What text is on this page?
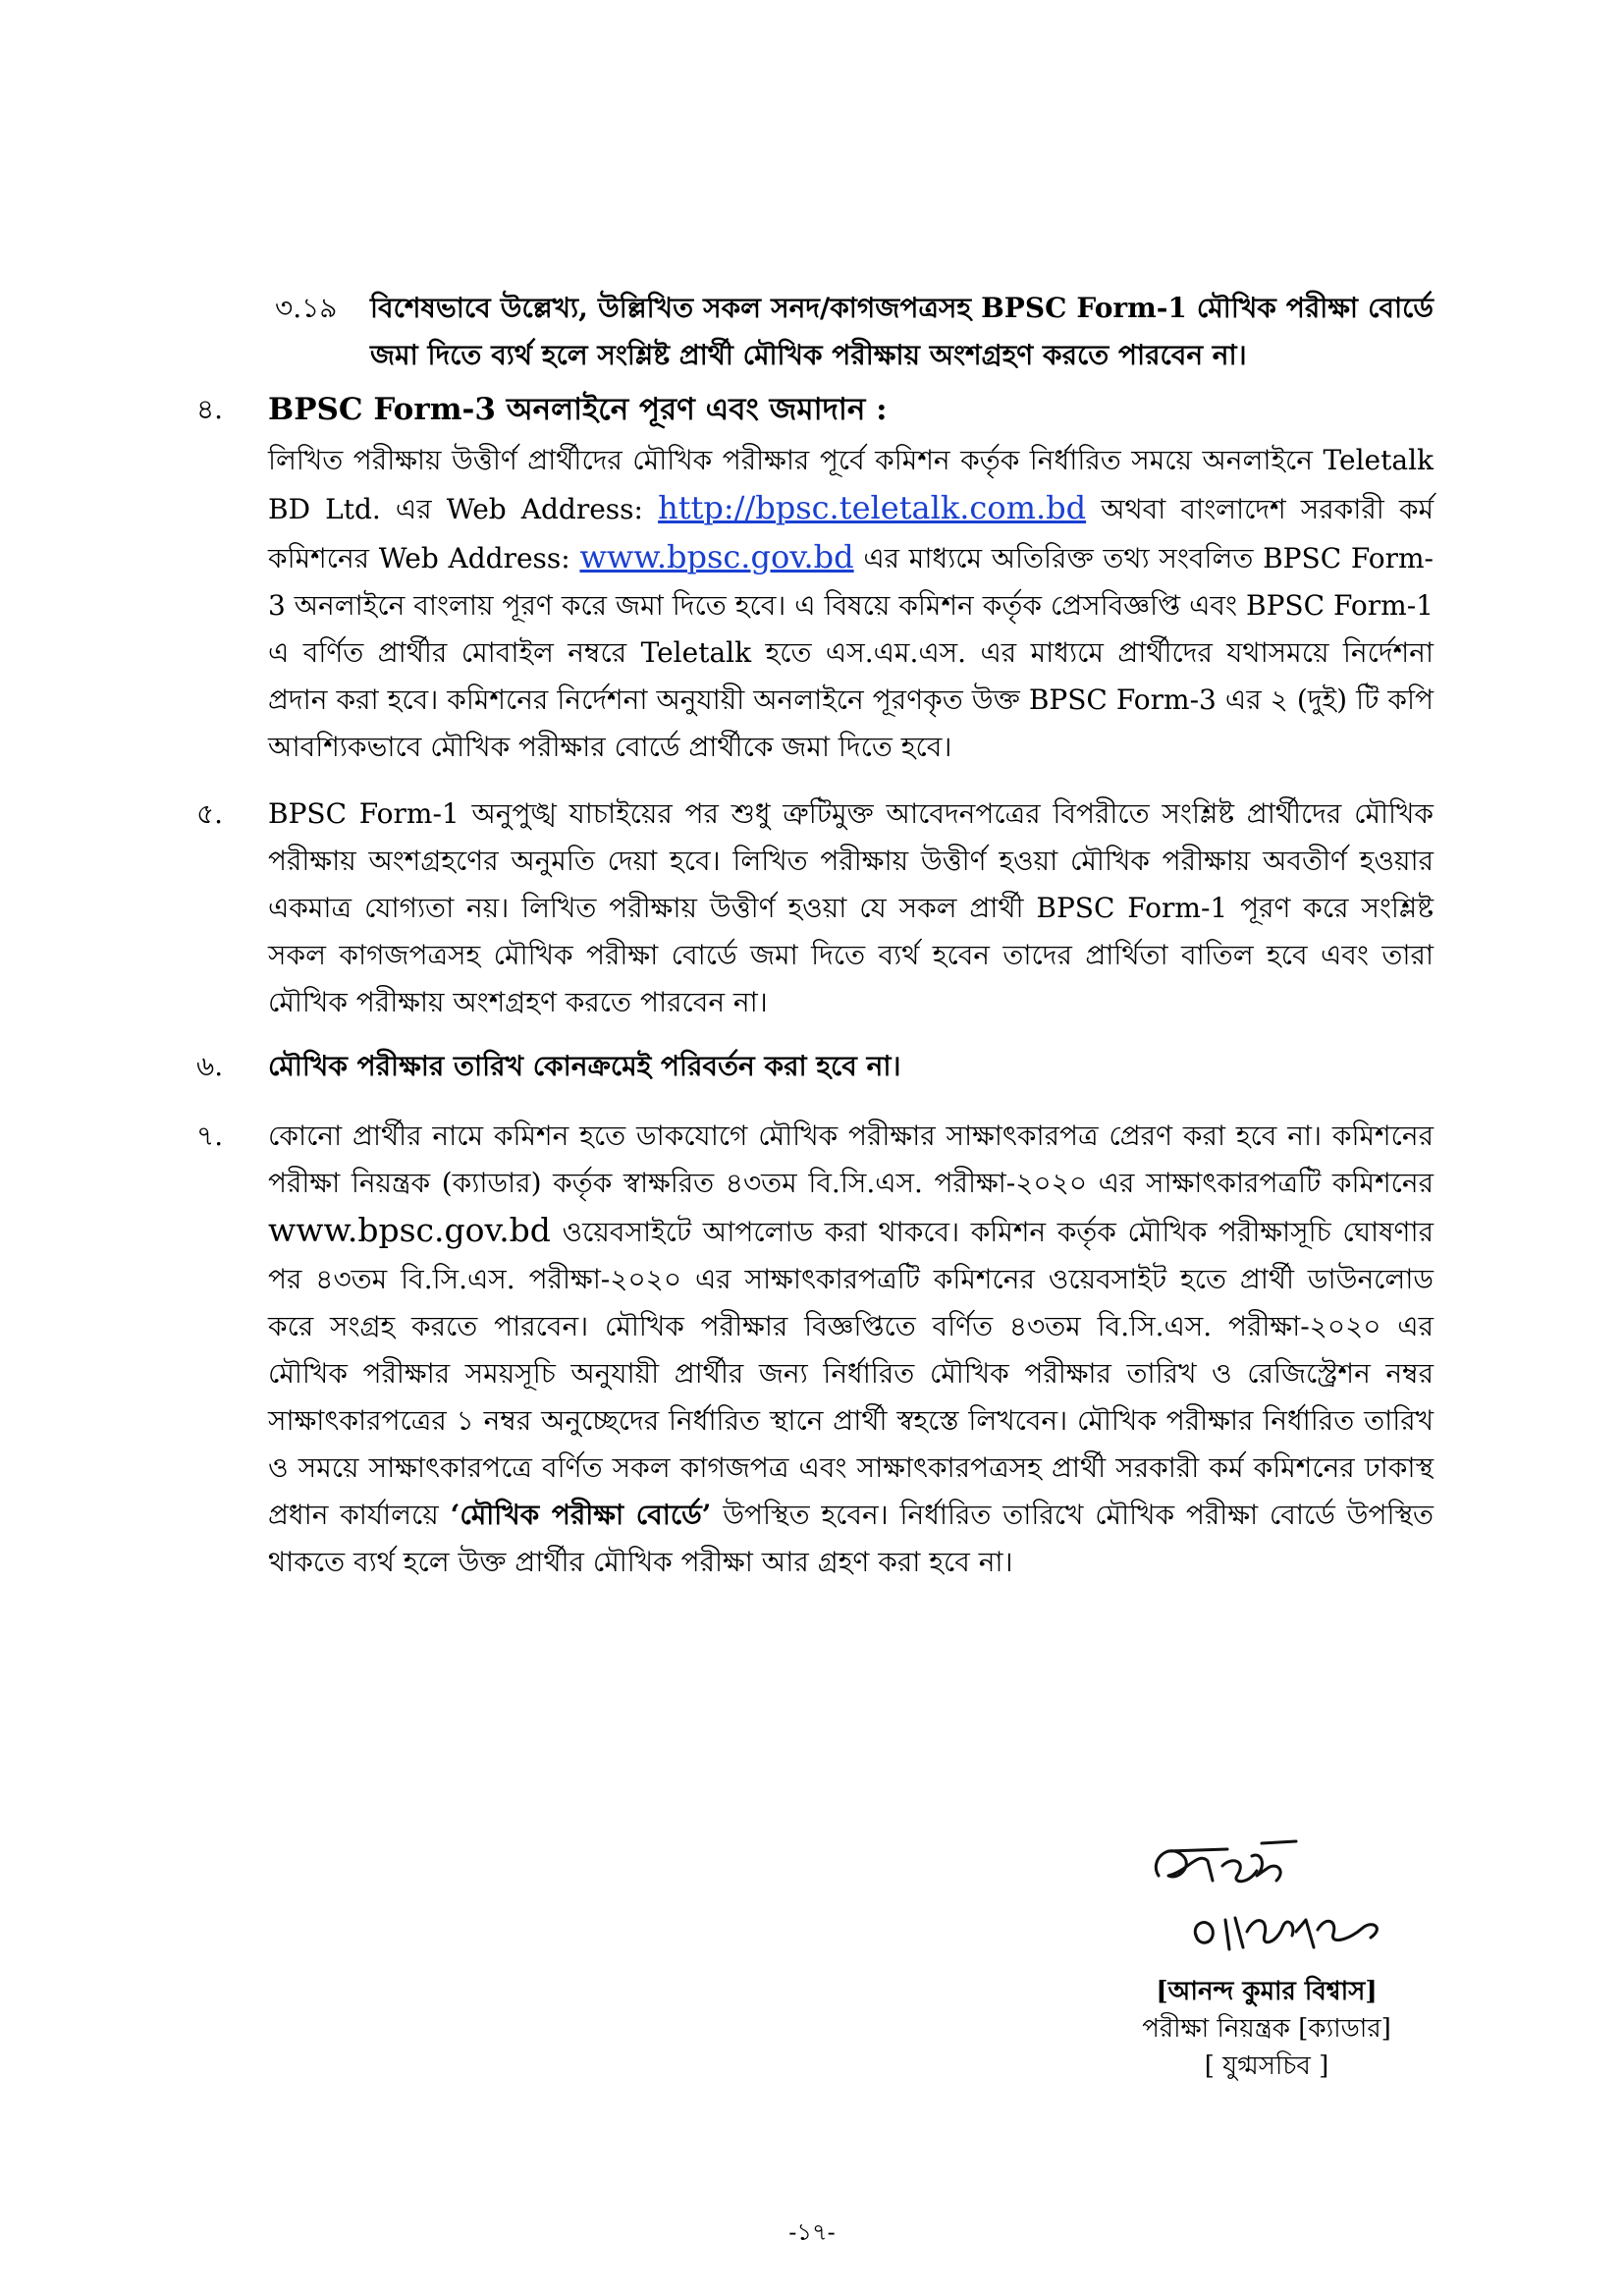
৩.১৯ বিশেষভাবে উল্লেখ্য, উল্লিখিত সকল সনদ/কাগজপত্রসহ BPSC Form-1 মৌখিক পরীক্ষা বোর্ডে জমা দিতে ব্যর্থ হলে সংশ্লিষ্ট প্রার্থী মৌখিক পরীক্ষায় অংশগ্রহণ করতে পারবেন না।
৪. BPSC Form-3 অনলাইনে পূরণ এবং জমাদান :
লিখিত পরীক্ষায় উত্তীর্ণ প্রার্থীদের মৌখিক পরীক্ষার পূর্বে কমিশন কর্তৃক নির্ধারিত সময়ে অনলাইনে Teletalk BD Ltd. এর Web Address: http://bpsc.teletalk.com.bd অথবা বাংলাদেশ সরকারী কর্ম কমিশনের Web Address: www.bpsc.gov.bd এর মাধ্যমে অতিরিক্ত তথ্য সংবলিত BPSC Form-3 অনলাইনে বাংলায় পূরণ করে জমা দিতে হবে। এ বিষয়ে কমিশন কর্তৃক প্রেসবিজ্ঞপ্তি এবং BPSC Form-1 এ বর্ণিত প্রার্থীর মোবাইল নম্বরে Teletalk হতে এস.এম.এস. এর মাধ্যমে প্রার্থীদের যথাসময়ে নির্দেশনা প্রদান করা হবে। কমিশনের নির্দেশনা অনুযায়ী অনলাইনে পূরণকৃত উক্ত BPSC Form-3 এর ২ (দুই) টি কপি আবশ্যিকভাবে মৌখিক পরীক্ষার বোর্ডে প্রার্থীকে জমা দিতে হবে।
৫. BPSC Form-1 অনুপুঙ্খ যাচাইয়ের পর শুধু ত্রুটিমুক্ত আবেদনপত্রের বিপরীতে সংশ্লিষ্ট প্রার্থীদের মৌখিক পরীক্ষায় অংশগ্রহণের অনুমতি দেয়া হবে। লিখিত পরীক্ষায় উত্তীর্ণ হওয়া মৌখিক পরীক্ষায় অবতীর্ণ হওয়ার একমাত্র যোগ্যতা নয়। লিখিত পরীক্ষায় উত্তীর্ণ হওয়া যে সকল প্রার্থী BPSC Form-1 পূরণ করে সংশ্লিষ্ট সকল কাগজপত্রসহ মৌখিক পরীক্ষা বোর্ডে জমা দিতে ব্যর্থ হবেন তাদের প্রার্থিতা বাতিল হবে এবং তারা মৌখিক পরীক্ষায় অংশগ্রহণ করতে পারবেন না।
৬. মৌখিক পরীক্ষার তারিখ কোনক্রমেই পরিবর্তন করা হবে না।
৭. কোনো প্রার্থীর নামে কমিশন হতে ডাকযোগে মৌখিক পরীক্ষার সাক্ষাৎকারপত্র প্রেরণ করা হবে না। কমিশনের পরীক্ষা নিয়ন্ত্রক (ক্যাডার) কর্তৃক স্বাক্ষরিত ৪৩তম বি.সি.এস. পরীক্ষা-২০২০ এর সাক্ষাৎকারপত্রটি কমিশনের www.bpsc.gov.bd ওয়েবসাইটে আপলোড করা থাকবে। কমিশন কর্তৃক মৌখিক পরীক্ষাসূচি ঘোষণার পর ৪৩তম বি.সি.এস. পরীক্ষা-২০২০ এর সাক্ষাৎকারপত্রটি কমিশনের ওয়েবসাইট হতে প্রার্থী ডাউনলোড করে সংগ্রহ করতে পারবেন। মৌখিক পরীক্ষার বিজ্ঞপ্তিতে বর্ণিত ৪৩তম বি.সি.এস. পরীক্ষা-২০২০ এর মৌখিক পরীক্ষার সময়সূচি অনুযায়ী প্রার্থীর জন্য নির্ধারিত মৌখিক পরীক্ষার তারিখ ও রেজিস্ট্রেশন নম্বর সাক্ষাৎকারপত্রের ১ নম্বর অনুচ্ছেদের নির্ধারিত স্থানে প্রার্থী স্বহস্তে লিখবেন। মৌখিক পরীক্ষার নির্ধারিত তারিখ ও সময়ে সাক্ষাৎকারপত্রে বর্ণিত সকল কাগজপত্র এবং সাক্ষাৎকারপত্রসহ প্রার্থী সরকারী কর্ম কমিশনের ঢাকাস্থ প্রধান কার্যালয়ে ‘মৌখিক পরীক্ষা বোর্ডে’ উপস্থিত হবেন। নির্ধারিত তারিখে মৌখিক পরীক্ষা বোর্ডে উপস্থিত থাকতে ব্যর্থ হলে উক্ত প্রার্থীর মৌখিক পরীক্ষা আর গ্রহণ করা হবে না।
[আনন্দ কুমার বিশ্বাস]
পরীক্ষা নিয়ন্ত্রক [ক্যাডার]
[ যুগ্মসচিব ]
-১৭-
